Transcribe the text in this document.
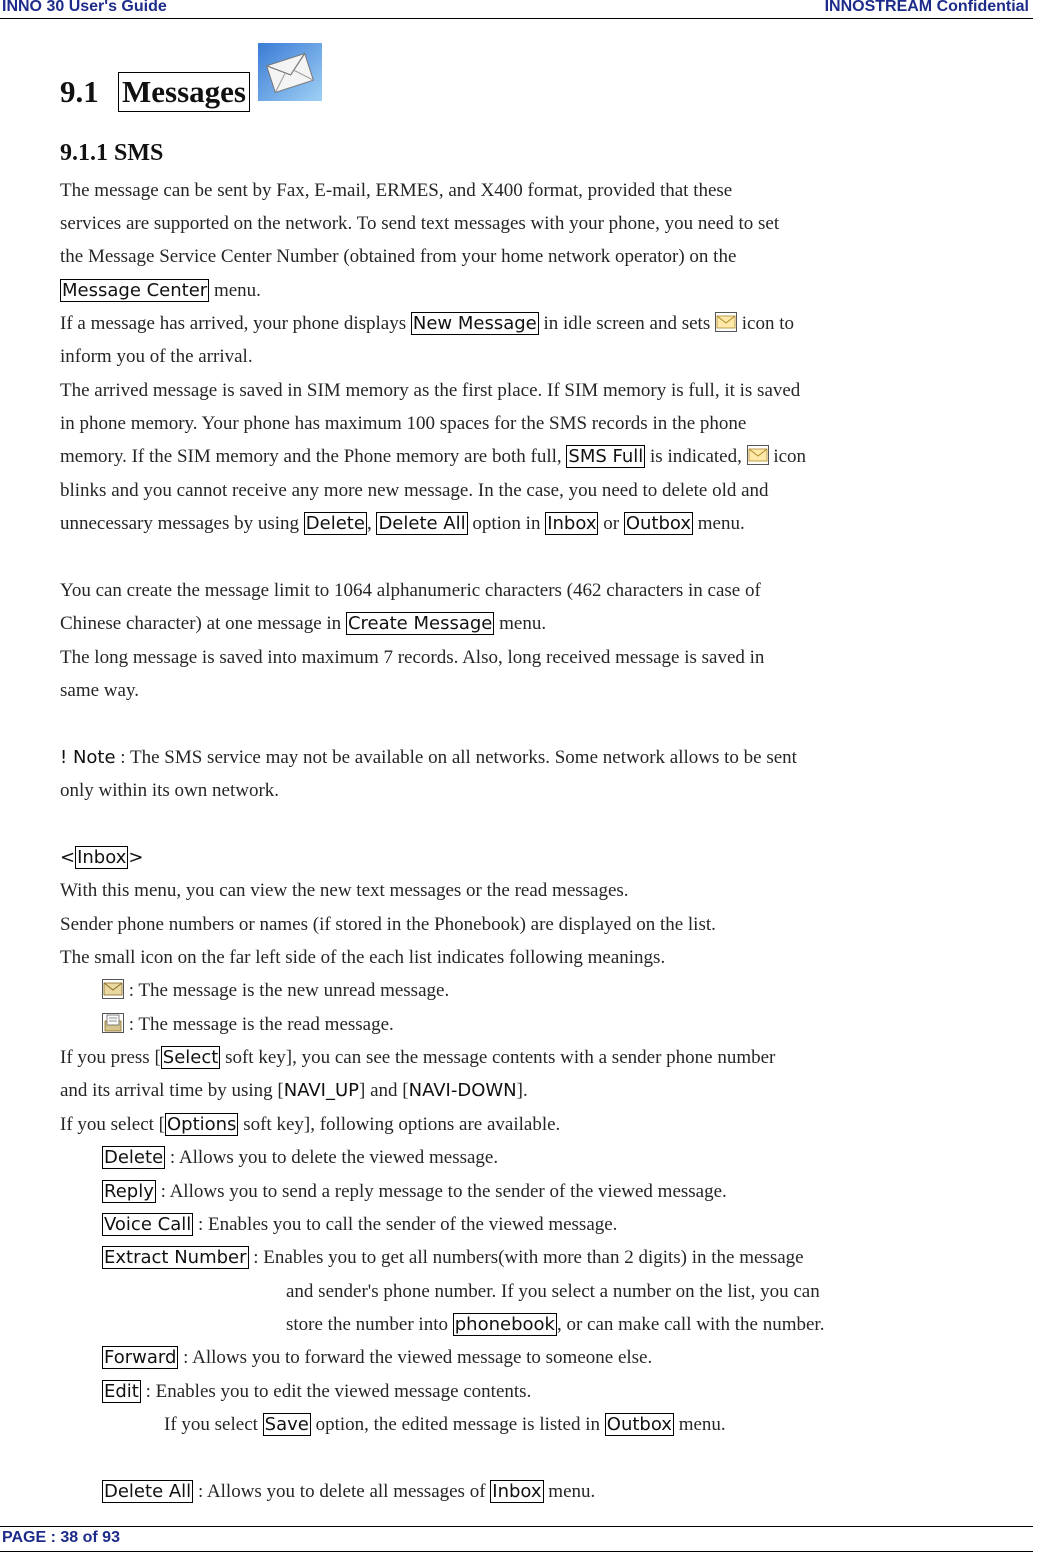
INNO 30 User's Guide	INNOSTREAM Confidential
9.1 Messages
9.1.1 SMS
The message can be sent by Fax, E-mail, ERMES, and X400 format, provided that these
services are supported on the network. To send text messages with your phone, you need to set
the Message Service Center Number (obtained from your home network operator) on the
Message Center menu.
If a message has arrived, your phone displays New Message in idle screen and sets  icon to
inform you of the arrival.
The arrived message is saved in SIM memory as the first place. If SIM memory is full, it is saved
in phone memory. Your phone has maximum 100 spaces for the SMS records in the phone
memory. If the SIM memory and the Phone memory are both full, SMS Full is indicated,  icon
blinks and you cannot receive any more new message. In the case, you need to delete old and
unnecessary messages by using Delete , Delete All option in Inbox or Outbox menu.
You can create the message limit to 1064 alphanumeric characters (462 characters in case of
Chinese character) at one message in Create Message menu.
The long message is saved into maximum 7 records. Also, long received message is saved in
same way.
! Note : The SMS service may not be available on all networks. Some network allows to be sent
only within its own network.
< Inbox >
With this menu, you can view the new text messages or the read messages.
Sender phone numbers or names (if stored in the Phonebook) are displayed on the list.
The small icon on the far left side of the each list indicates following meanings.
: The message is the new unread message.
: The message is the read message.
If you press [ Select soft key], you can see the message contents with a sender phone number
and its arrival time by using [NAVI_UP] and [NAVI-DOWN].
If you select [ Options soft key], following options are available.
Delete : Allows you to delete the viewed message.
Reply : Allows you to send a reply message to the sender of the viewed message.
Voice Call : Enables you to call the sender of the viewed message.
Extract Number : Enables you to get all numbers(with more than 2 digits) in the message
and sender's phone number. If you select a number on the list, you can
store the number into phonebook , or can make call with the number.
Forward : Allows you to forward the viewed message to someone else.
Edit : Enables you to edit the viewed message contents.
If you select Save option, the edited message is listed in Outbox menu.
Delete All : Allows you to delete all messages of Inbox menu.
PAGE : 38 of 93
